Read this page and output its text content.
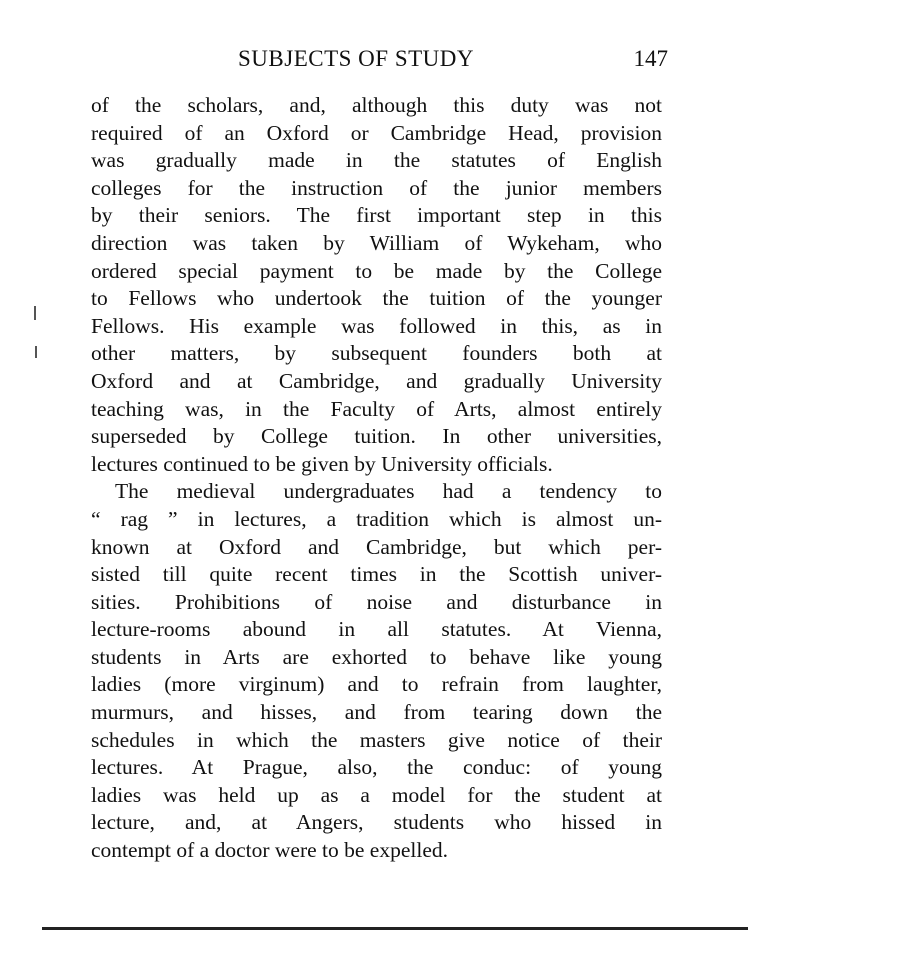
SUBJECTS OF STUDY	147
of the scholars, and, although this duty was not
required of an Oxford or Cambridge Head, provision
was gradually made in the statutes of English
colleges for the instruction of the junior members
by their seniors. The first important step in this
direction was taken by William of Wykeham, who
ordered special payment to be made by the College
to Fellows who undertook the tuition of the younger
Fellows. His example was followed in this, as in
other matters, by subsequent founders both at
Oxford and at Cambridge, and gradually University
teaching was, in the Faculty of Arts, almost entirely
superseded by College tuition. In other universities,
lectures continued to be given by University officials.
The medieval undergraduates had a tendency to
“ rag ” in lectures, a tradition which is almost un-
known at Oxford and Cambridge, but which per-
sisted till quite recent times in the Scottish univer-
sities. Prohibitions of noise and disturbance in
lecture-rooms abound in all statutes. At Vienna,
students in Arts are exhorted to behave like young
ladies (more virginum) and to refrain from laughter,
murmurs, and hisses, and from tearing down the
schedules in which the masters give notice of their
lectures. At Prague, also, the conduc: of young
ladies was held up as a model for the student at
lecture, and, at Angers, students who hissed in
contempt of a doctor were to be expelled.
